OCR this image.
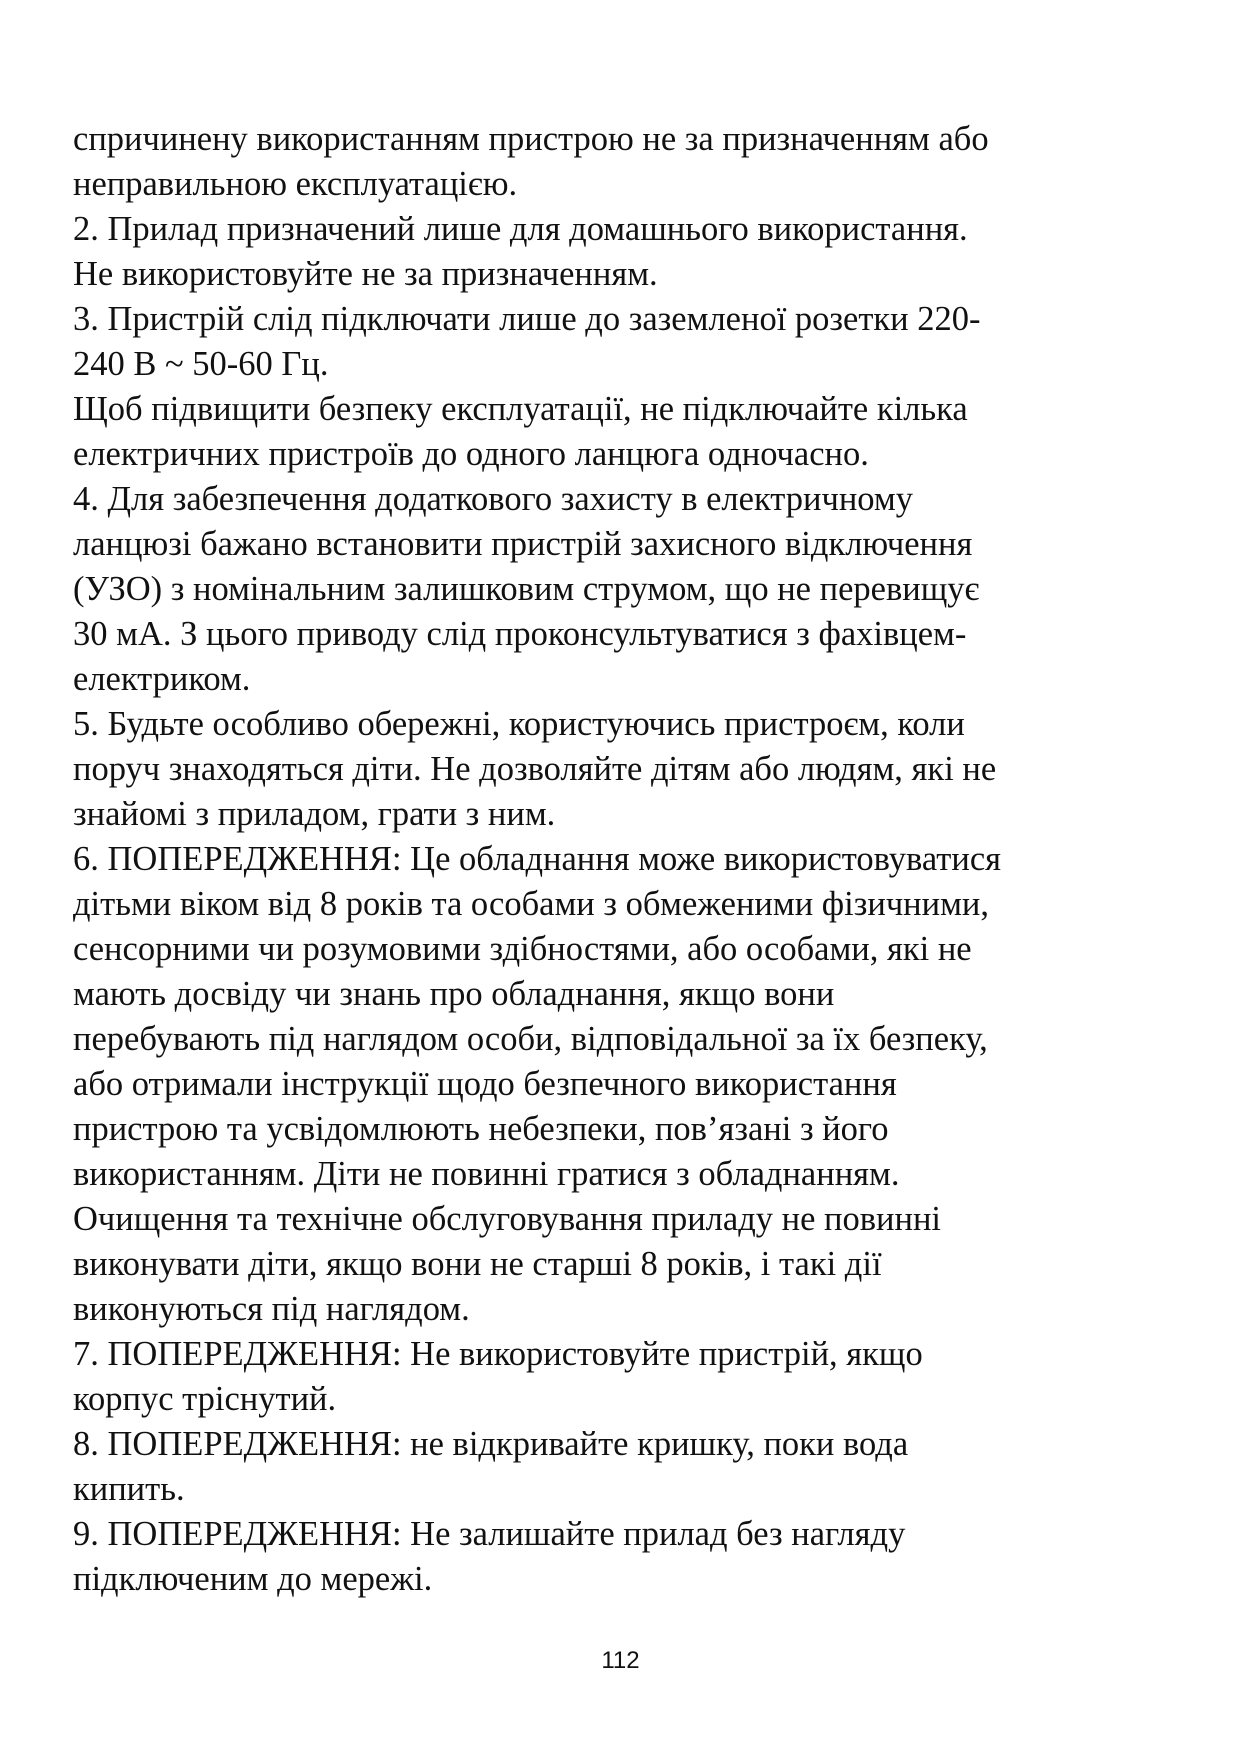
спричинену використанням пристрою не за призначенням або
неправильною експлуатацією.
2. Прилад призначений лише для домашнього використання.
Не використовуйте не за призначенням.
3. Пристрій слід підключати лише до заземленої розетки 220-
240 В ~ 50-60 Гц.
Щоб підвищити безпеку експлуатації, не підключайте кілька
електричних пристроїв до одного ланцюга одночасно.
4. Для забезпечення додаткового захисту в електричному
ланцюзі бажано встановити пристрій захисного відключення
(УЗО) з номінальним залишковим струмом, що не перевищує
30 мА. З цього приводу слід проконсультуватися з фахівцем-
електриком.
5. Будьте особливо обережні, користуючись пристроєм, коли
поруч знаходяться діти. Не дозволяйте дітям або людям, які не
знайомі з приладом, грати з ним.
6. ПОПЕРЕДЖЕННЯ: Це обладнання може використовуватися
дітьми віком від 8 років та особами з обмеженими фізичними,
сенсорними чи розумовими здібностями, або особами, які не
мають досвіду чи знань про обладнання, якщо вони
перебувають під наглядом особи, відповідальної за їх безпеку,
або отримали інструкції щодо безпечного використання
пристрою та усвідомлюють небезпеки, пов’язані з його
використанням. Діти не повинні гратися з обладнанням.
Очищення та технічне обслуговування приладу не повинні
виконувати діти, якщо вони не старші 8 років, і такі дії
виконуються під наглядом.
7. ПОПЕРЕДЖЕННЯ: Не використовуйте пристрій, якщо
корпус тріснутий.
8. ПОПЕРЕДЖЕННЯ: не відкривайте кришку, поки вода
кипить.
9. ПОПЕРЕДЖЕННЯ: Не залишайте прилад без нагляду
підключеним до мережі.
112
